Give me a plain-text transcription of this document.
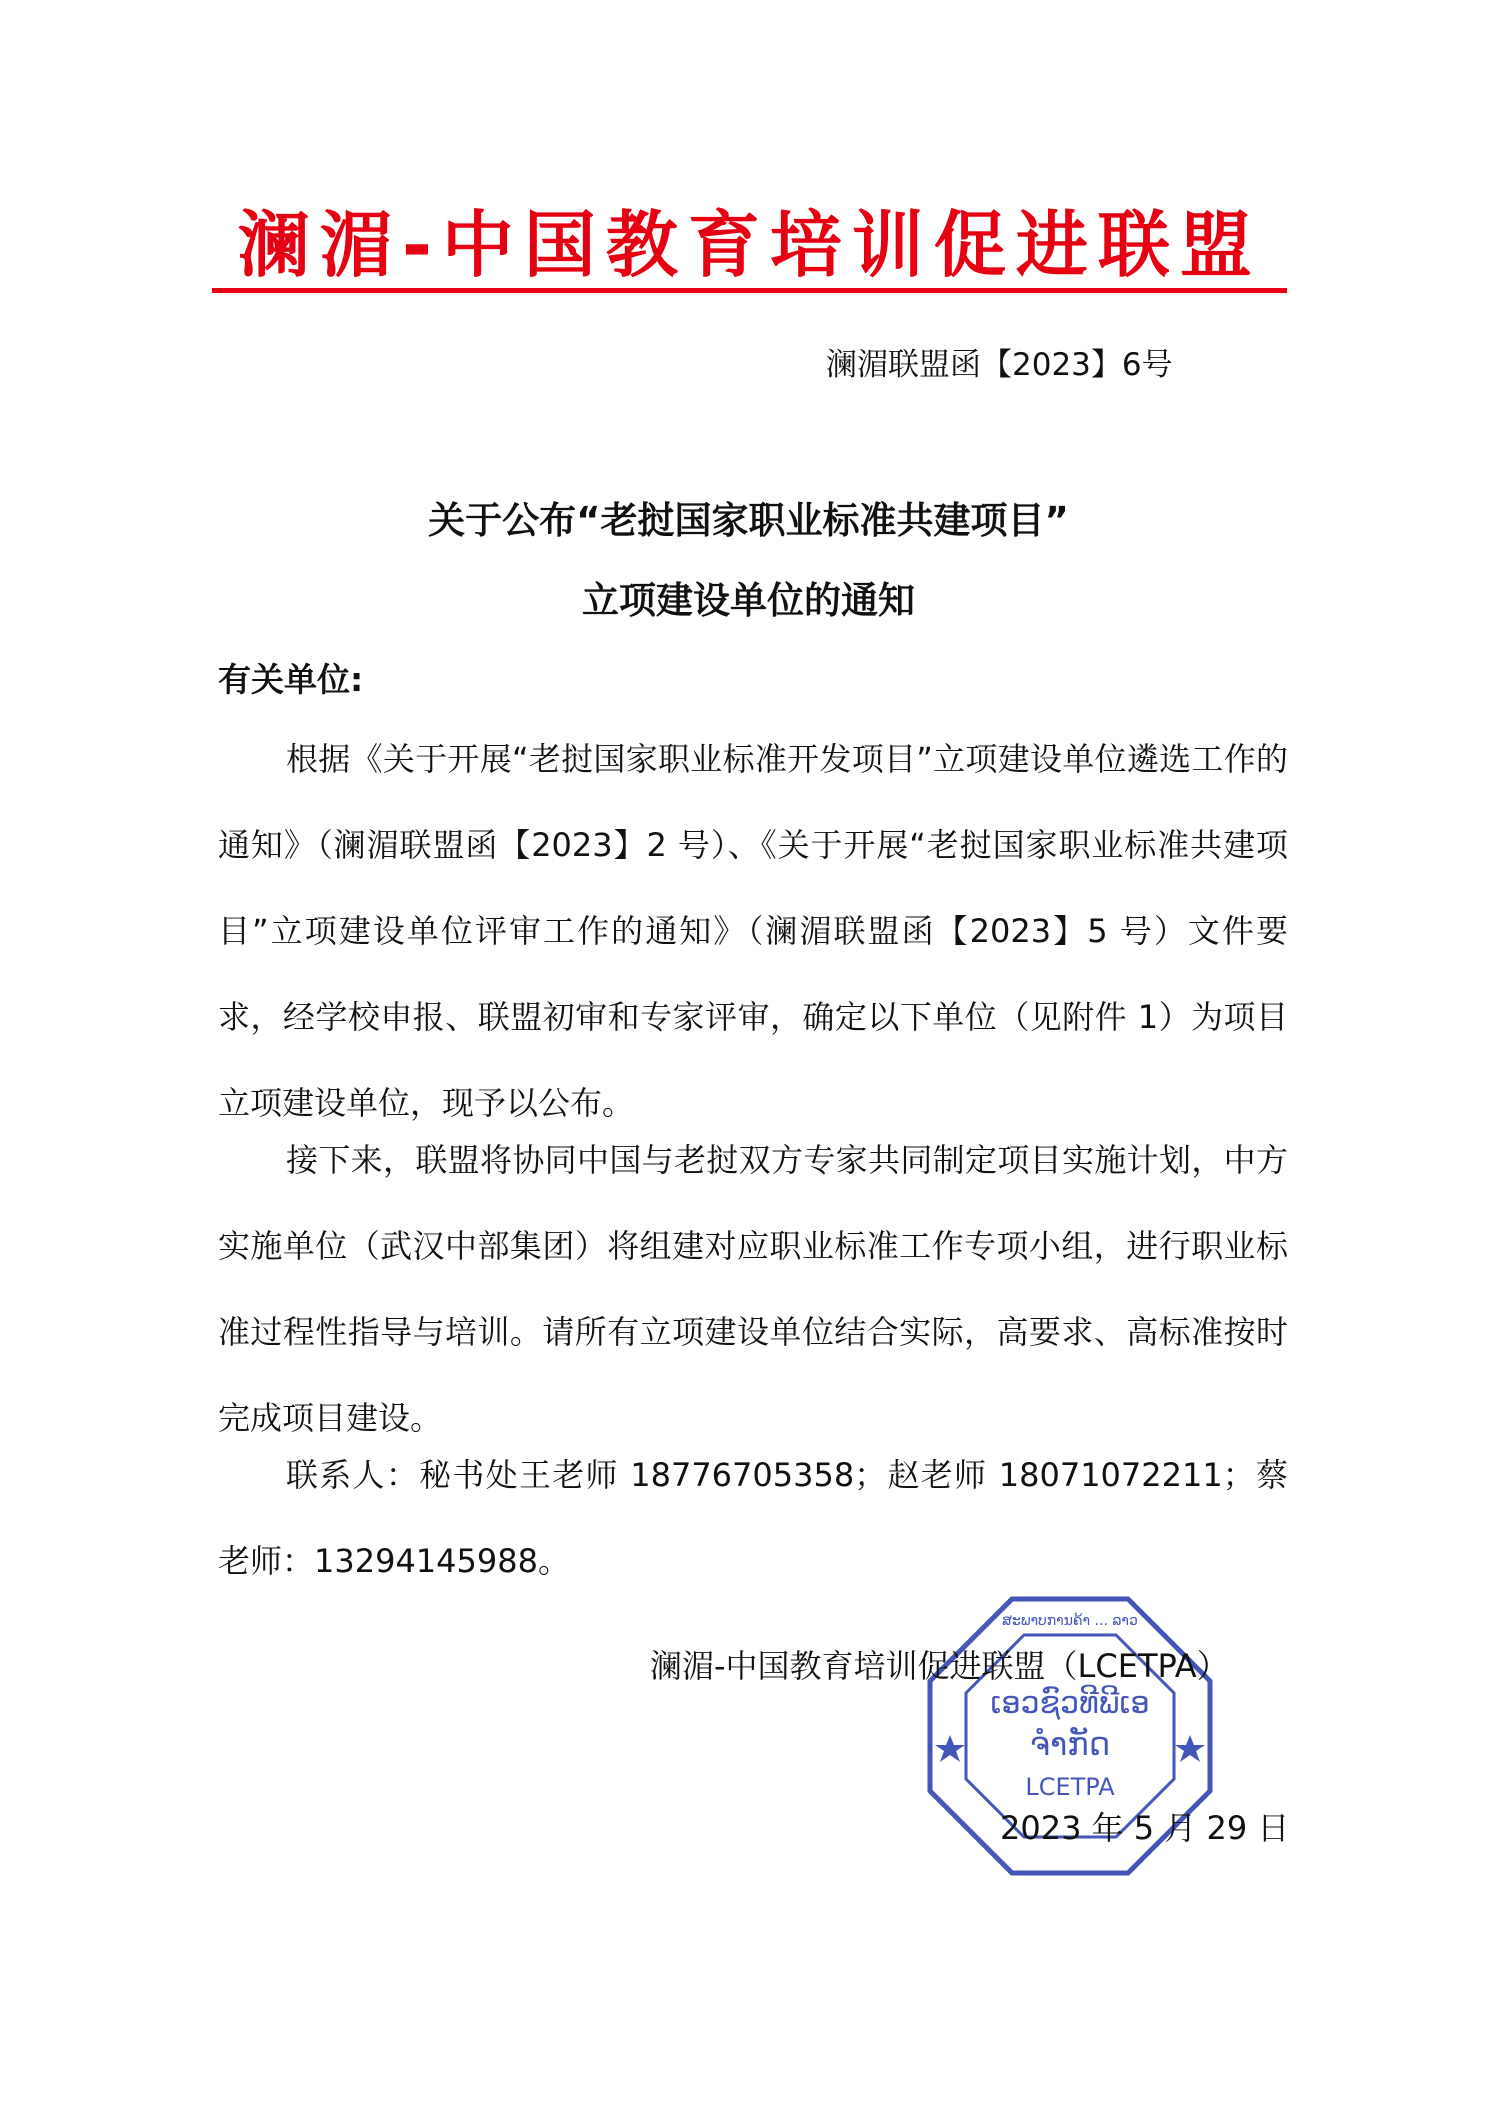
澜湄-中国教育培训促进联盟
澜湄联盟函【2023】6号
关于公布“老挝国家职业标准共建项目”
立项建设单位的通知
有关单位:

根据《关于开展“老挝国家职业标准开发项目”立项建设单位遴选工作的通知》（澜湄联盟函【2023】2 号）、《关于开展“老挝国家职业标准共建项目”立项建设单位评审工作的通知》（澜湄联盟函【2023】5 号）文件要求，经学校申报、联盟初审和专家评审，确定以下单位（见附件 1）为项目立项建设单位，现予以公布。

接下来，联盟将协同中国与老挝双方专家共同制定项目实施计划，中方实施单位（武汉中部集团）将组建对应职业标准工作专项小组，进行职业标准过程性指导与培训。请所有立项建设单位结合实际，高要求、高标准按时完成项目建设。

联系人：秘书处王老师 18776705358；赵老师 18071072211；蔡老师：13294145988。

ເອວຊົວທີພີເອ
ຈຳກັດ
LCETPA
ສະພາບການຄ້າ ... ລາວ
澜湄-中国教育培训促进联盟（LCETPA）
2023 年 5 月 29 日
